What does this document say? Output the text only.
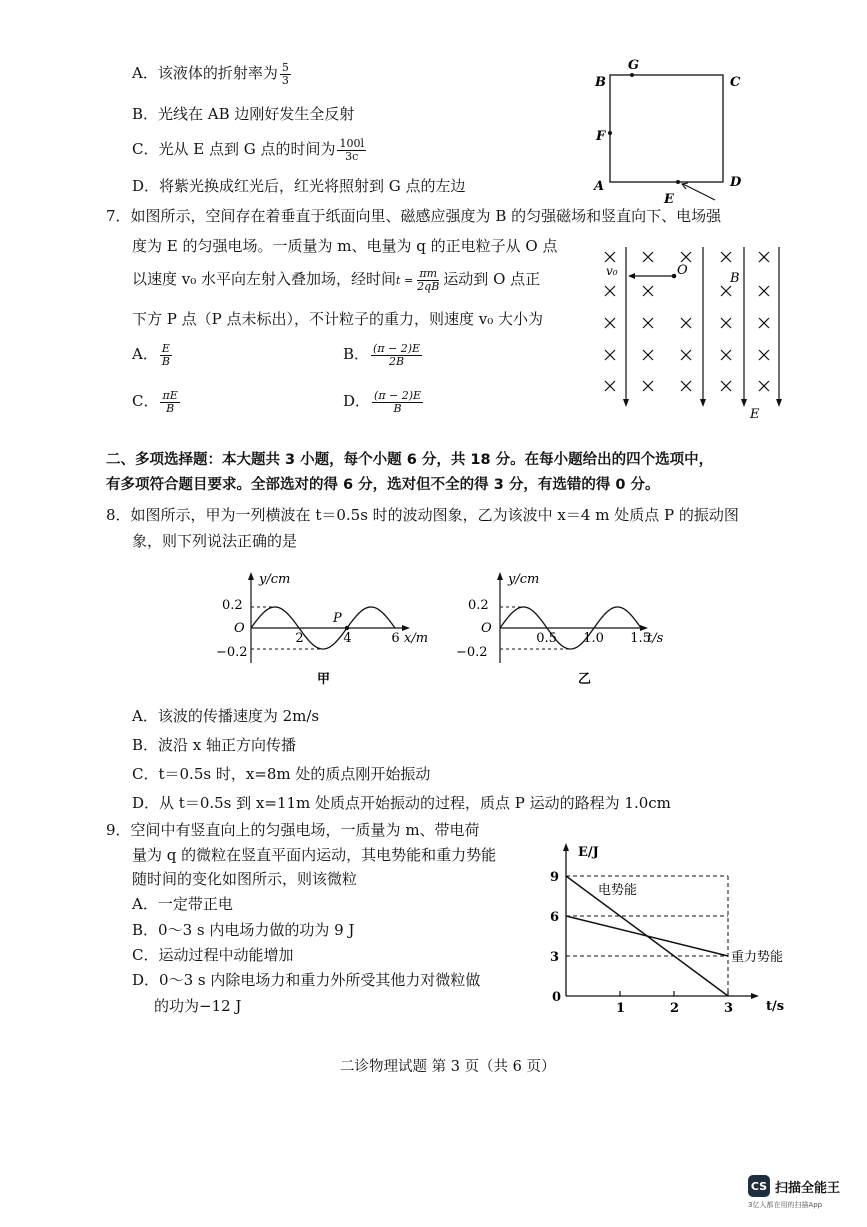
A．该液体的折射率为 $\frac{5}{3}$
B．光线在 AB 边刚好发生全反射
C．光从 E 点到 G 点的时间为 $\frac{100l}{3c}$
D．将紫光换成红光后，红光将照射到 G 点的左边
G
B	C
F
A
E
D
7．如图所示，空间存在着垂直于纸面向里、磁感应强度为 B 的匀强磁场和竖直向下、电场强
度为 E 的匀强电场。一质量为 m、电量为 q 的正电粒子从 O 点
以速度 v₀ 水平向左射入叠加场，经时间$t = \frac{\pi m}{2qB}$ 运动到 O 点正
下方 P 点（P 点未标出），不计粒子的重力，则速度 v₀ 大小为
A． $\frac{E}{B}$	B． $\frac{(\pi - 2)E}{2B}$
C． $\frac{\pi E}{B}$	D． $\frac{(\pi - 2)E}{B}$
O
v₀	B
E
二、多项选择题：本大题共 3 小题，每个小题 6 分，共 18 分。在每小题给出的四个选项中，
有多项符合题目要求。全部选对的得 6 分，选对但不全的得 3 分，有选错的得 0 分。
8．如图所示，甲为一列横波在 t＝0.5s 时的波动图象，乙为该波中 x＝4 m 处质点 P 的振动图
象，则下列说法正确的是
y/cm
x/m
0.2
−0.2
O
2	4	6
P
甲
y/cm
t/s
0.2
−0.2
O
0.5 1.0 1.5
乙
A．该波的传播速度为 2m/s
B．波沿 x 轴正方向传播
C．t＝0.5s 时，x=8m 处的质点刚开始振动
D．从 t＝0.5s 到 x=11m 处质点开始振动的过程，质点 P 运动的路程为 1.0cm
9．空间中有竖直向上的匀强电场，一质量为 m、带电荷
量为 q 的微粒在竖直平面内运动，其电势能和重力势能
随时间的变化如图所示，则该微粒
A．一定带正电
B．0～3 s 内电场力做的功为 9 J
C．运动过程中动能增加
D．0～3 s 内除电场力和重力外所受其他力对微粒做
的功为−12 J
3
6
9
1	2	3
E/J
t/s
0
电势能
重力势能
二诊物理试题 第 3 页（共 6 页）
CS 扫描全能王
3亿人都在用的扫描App
